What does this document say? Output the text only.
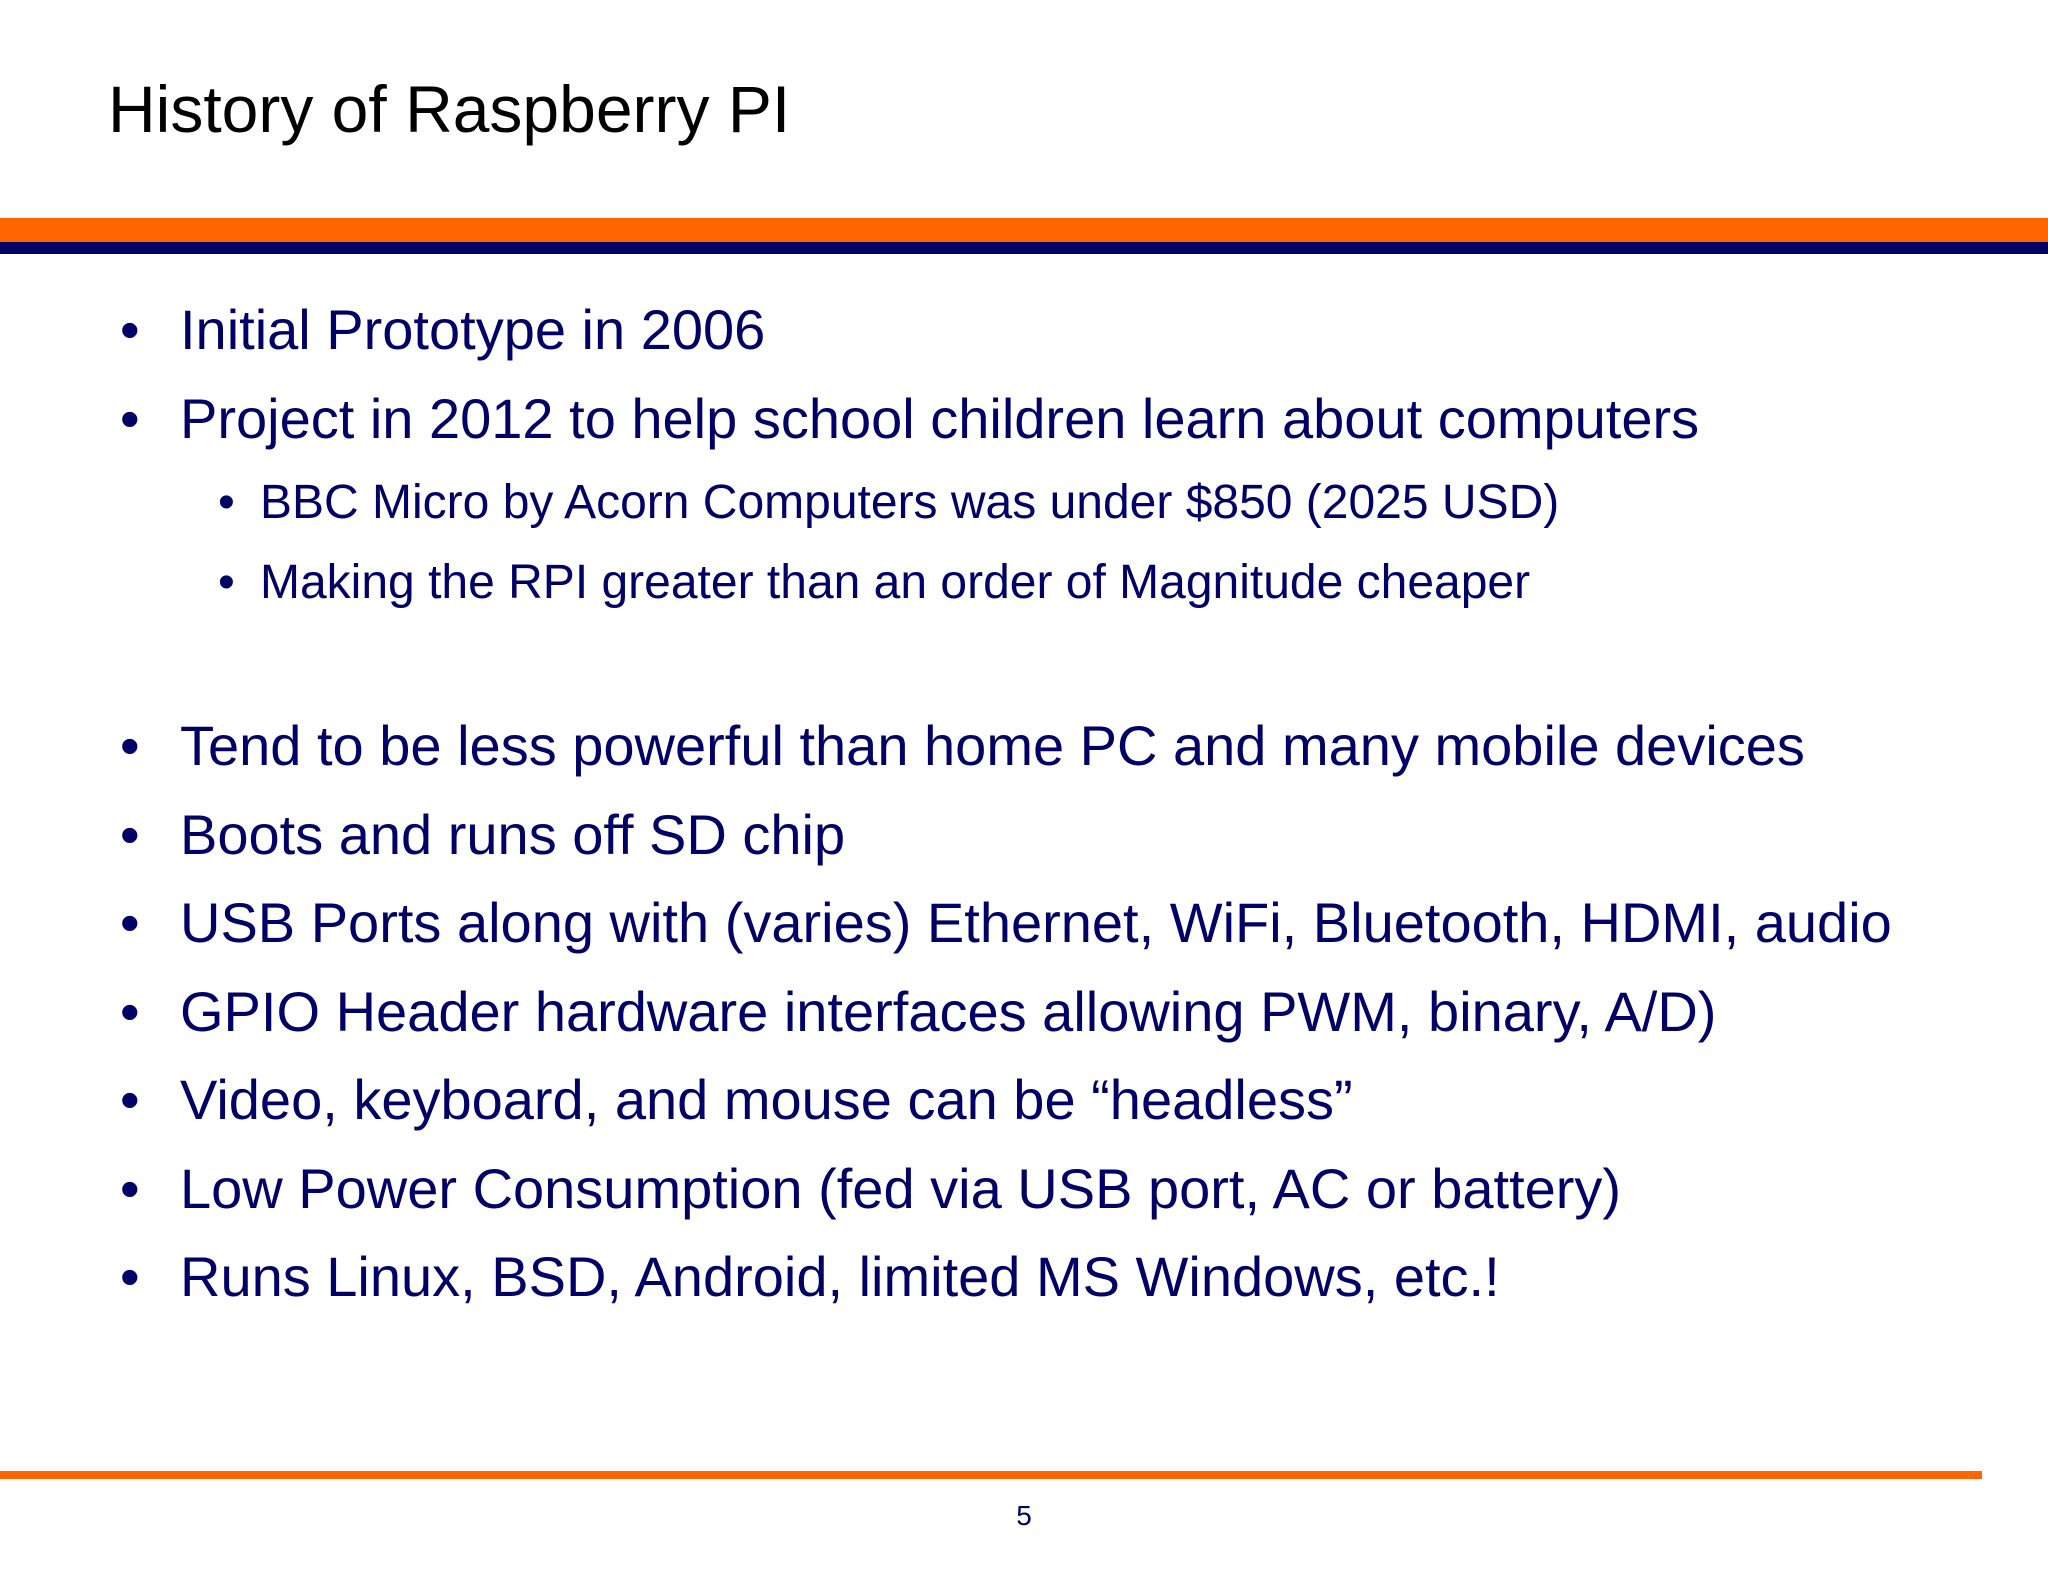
History of Raspberry PI

• Initial Prototype in 2006

• Project in 2012 to help school children learn about computers

• BBC Micro by Acorn Computers was under $850 (2025 USD)

• Making the RPI greater than an order of Magnitude cheaper

• Tend to be less powerful than home PC and many mobile devices

• Boots and runs off SD chip

• USB Ports along with (varies) Ethernet, WiFi, Bluetooth, HDMI, audio

• GPIO Header hardware interfaces allowing PWM, binary, A/D)

• Video, keyboard, and mouse can be “headless”

• Low Power Consumption (fed via USB port, AC or battery)

• Runs Linux, BSD, Android, limited MS Windows, etc.!

5
